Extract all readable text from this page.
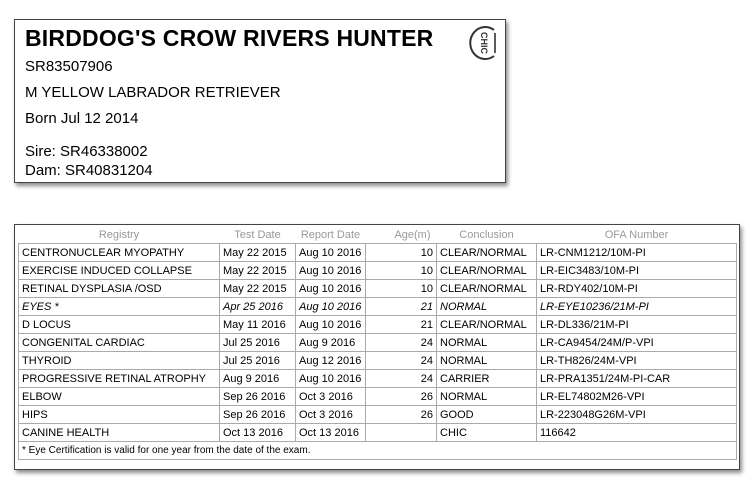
BIRDDOG'S CROW RIVERS HUNTER
SR83507906
M YELLOW LABRADOR RETRIEVER
Born Jul 12 2014
Sire: SR46338002
Dam: SR40831204
CHIC
Registry	Test Date	Report Date	Age(m)	Conclusion	OFA Number
CENTRONUCLEAR MYOPATHY	May 22 2015	Aug 10 2016	10	CLEAR/NORMAL	LR-CNM1212/10M-PI
EXERCISE INDUCED COLLAPSE	May 22 2015	Aug 10 2016	10	CLEAR/NORMAL	LR-EIC3483/10M-PI
RETINAL DYSPLASIA /OSD	May 22 2015	Aug 10 2016	10	CLEAR/NORMAL	LR-RDY402/10M-PI
EYES *	Apr 25 2016	Aug 10 2016	21	NORMAL	LR-EYE10236/21M-PI
D LOCUS	May 11 2016	Aug 10 2016	21	CLEAR/NORMAL	LR-DL336/21M-PI
CONGENITAL CARDIAC	Jul 25 2016	Aug 9 2016	24	NORMAL	LR-CA9454/24M/P-VPI
THYROID	Jul 25 2016	Aug 12 2016	24	NORMAL	LR-TH826/24M-VPI
PROGRESSIVE RETINAL ATROPHY	Aug 9 2016	Aug 10 2016	24	CARRIER	LR-PRA1351/24M-PI-CAR
ELBOW	Sep 26 2016	Oct 3 2016	26	NORMAL	LR-EL74802M26-VPI
HIPS	Sep 26 2016	Oct 3 2016	26	GOOD	LR-223048G26M-VPI
CANINE HEALTH	Oct 13 2016	Oct 13 2016		CHIC	116642
* Eye Certification is valid for one year from the date of the exam.					
